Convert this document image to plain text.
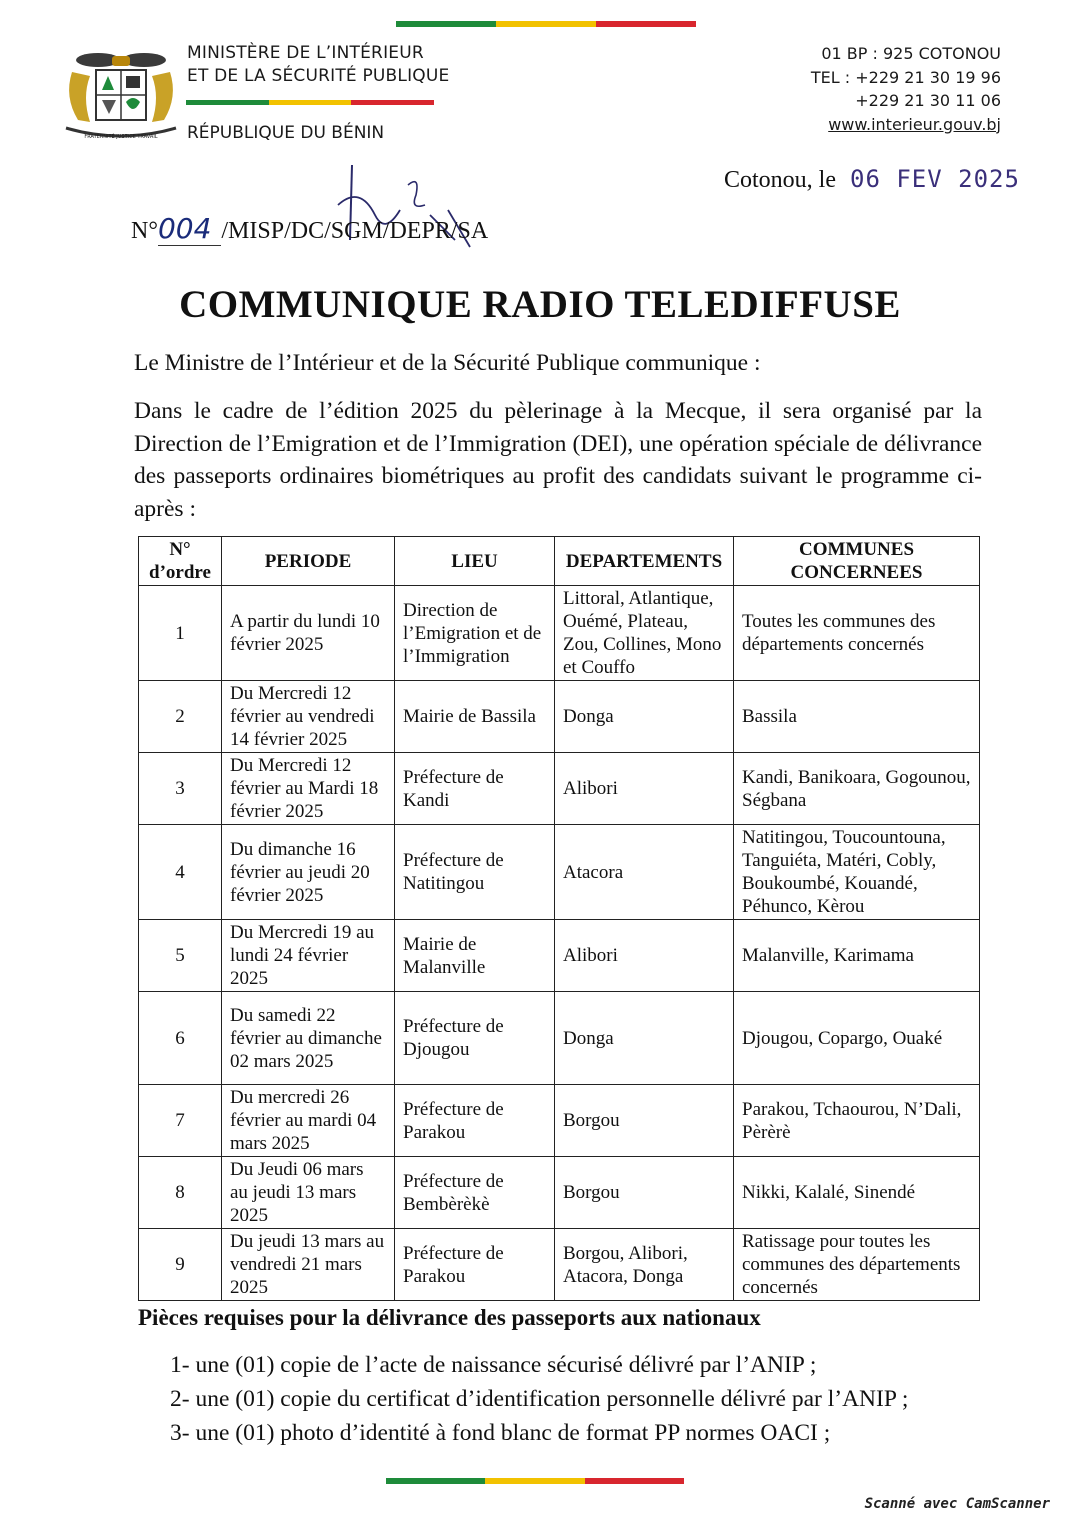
FRATERNITÉ JUSTICE TRAVAIL
MINISTÈRE DE L’INTÉRIEUR
ET DE LA SÉCURITÉ PUBLIQUE
RÉPUBLIQUE DU BÉNIN
01 BP : 925 COTONOU
TEL : +229 21 30 19 96
+229 21 30 11 06
www.interieur.gouv.bj
Cotonou, le 06 FEV 2025
N°004 /MISP/DC/SGM/DEPR/SA
COMMUNIQUE RADIO TELEDIFFUSE
Le Ministre de l’Intérieur et de la Sécurité Publique communique :
Dans le cadre de l’édition 2025 du pèlerinage à la Mecque, il sera organisé par la Direction de l’Emigration et de l’Immigration (DEI), une opération spéciale de délivrance des passeports ordinaires biométriques au profit des candidats suivant le programme ci-après :
N° d’ordre	PERIODE	LIEU	DEPARTEMENTS	COMMUNES CONCERNEES
1	A partir du lundi 10 février 2025	Direction de l’Emigration et de l’Immigration	Littoral, Atlantique, Ouémé, Plateau, Zou, Collines, Mono et Couffo	Toutes les communes des départements concernés
2	Du Mercredi 12 février au vendredi 14 février 2025	Mairie de Bassila	Donga	Bassila
3	Du Mercredi 12 février au Mardi 18 février 2025	Préfecture de Kandi	Alibori	Kandi, Banikoara, Gogounou, Ségbana
4	Du dimanche 16 février au jeudi 20 février 2025	Préfecture de Natitingou	Atacora	Natitingou, Toucountouna, Tanguiéta, Matéri, Cobly, Boukoumbé, Kouandé, Péhunco, Kèrou
5	Du Mercredi 19 au lundi 24 février 2025	Mairie de Malanville	Alibori	Malanville, Karimama
6	Du samedi 22 février au dimanche 02 mars 2025	Préfecture de Djougou	Donga	Djougou, Copargo, Ouaké
7	Du mercredi 26 février au mardi 04 mars 2025	Préfecture de Parakou	Borgou	Parakou, Tchaourou, N’Dali, Pèrèrè
8	Du Jeudi 06 mars au jeudi 13 mars 2025	Préfecture de Bembèrèkè	Borgou	Nikki, Kalalé, Sinendé
9	Du jeudi 13 mars au vendredi 21 mars 2025	Préfecture de Parakou	Borgou, Alibori, Atacora, Donga	Ratissage pour toutes les communes des départements concernés
Pièces requises pour la délivrance des passeports aux nationaux
1- une (01) copie de l’acte de naissance sécurisé délivré par l’ANIP ;
2- une (01) copie du certificat d’identification personnelle délivré par l’ANIP ;
3- une (01) photo d’identité à fond blanc de format PP normes OACI ;
Scanné avec CamScanner
